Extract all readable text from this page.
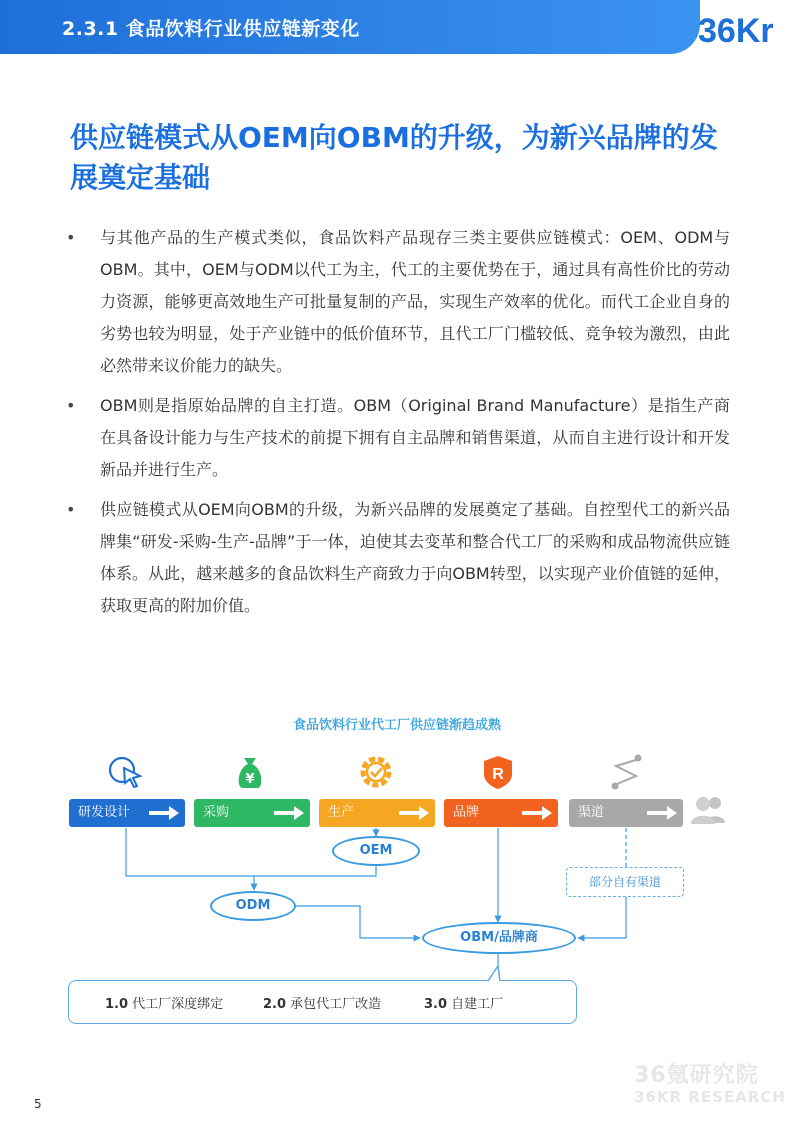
2.3.1 食品饮料行业供应链新变化	36Kr
供应链模式从OEM向OBM的升级，为新兴品牌的发展奠定基础
• 与其他产品的生产模式类似，食品饮料产品现存三类主要供应链模式：OEM、ODM与OBM。其中，OEM与ODM以代工为主，代工的主要优势在于，通过具有高性价比的劳动力资源，能够更高效地生产可批量复制的产品，实现生产效率的优化。而代工企业自身的劣势也较为明显，处于产业链中的低价值环节，且代工厂门槛较低、竞争较为激烈，由此必然带来议价能力的缺失。
• OBM则是指原始品牌的自主打造。OBM（Original Brand Manufacture）是指生产商在具备设计能力与生产技术的前提下拥有自主品牌和销售渠道，从而自主进行设计和开发新品并进行生产。
• 供应链模式从OEM向OBM的升级，为新兴品牌的发展奠定了基础。自控型代工的新兴品牌集“研发-采购-生产-品牌”于一体，迫使其去变革和整合代工厂的采购和成品物流供应链体系。从此，越来越多的食品饮料生产商致力于向OBM转型，以实现产业价值链的延伸，获取更高的附加价值。
食品饮料行业代工厂供应链渐趋成熟
¥	R
研发设计	采购	生产	品牌	渠道
OEM
ODM
OBM/品牌商
部分自有渠道
1.0 代工厂深度绑定	2.0 承包代工厂改造	3.0 自建工厂
36氪研究院
36KR RESEARCH
5
